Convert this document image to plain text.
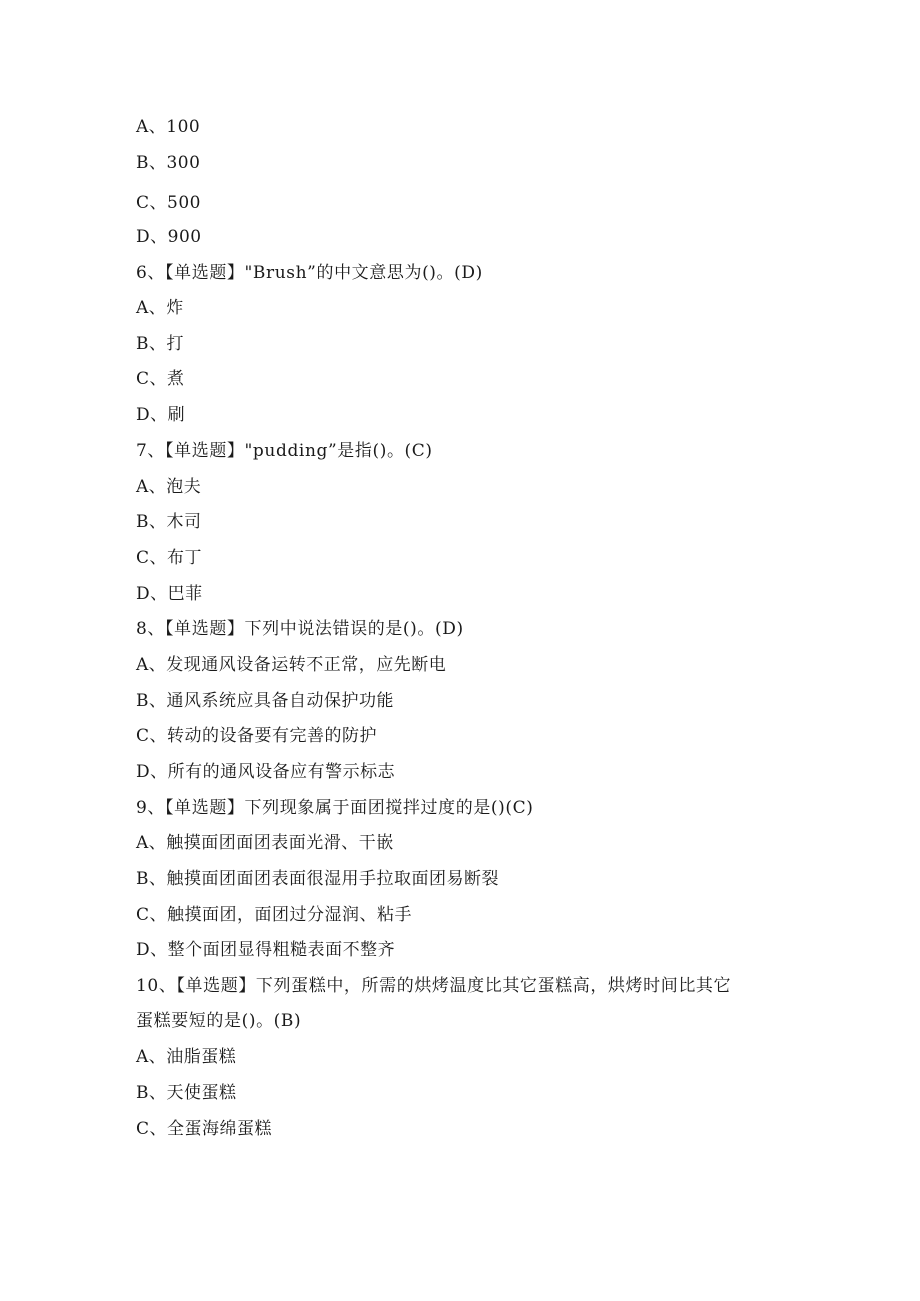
A、100

B、300

C、500

D、900

6、【单选题】"Brush”的中文意思为()。(D)

A、炸

B、打

C、煮

D、刷

7、【单选题】"pudding”是指()。(C)

A、泡夫

B、木司

C、布丁

D、巴菲

8、【单选题】下列中说法错误的是()。(D)

A、发现通风设备运转不正常，应先断电

B、通风系统应具备自动保护功能

C、转动的设备要有完善的防护

D、所有的通风设备应有警示标志

9、【单选题】下列现象属于面团搅拌过度的是()(C)

A、触摸面团面团表面光滑、干嵌

B、触摸面团面团表面很湿用手拉取面团易断裂

C、触摸面团，面团过分湿润、粘手

D、整个面团显得粗糙表面不整齐

10、【单选题】下列蛋糕中，所需的烘烤温度比其它蛋糕高，烘烤时间比其它

蛋糕要短的是()。(B)

A、油脂蛋糕

B、天使蛋糕

C、全蛋海绵蛋糕
